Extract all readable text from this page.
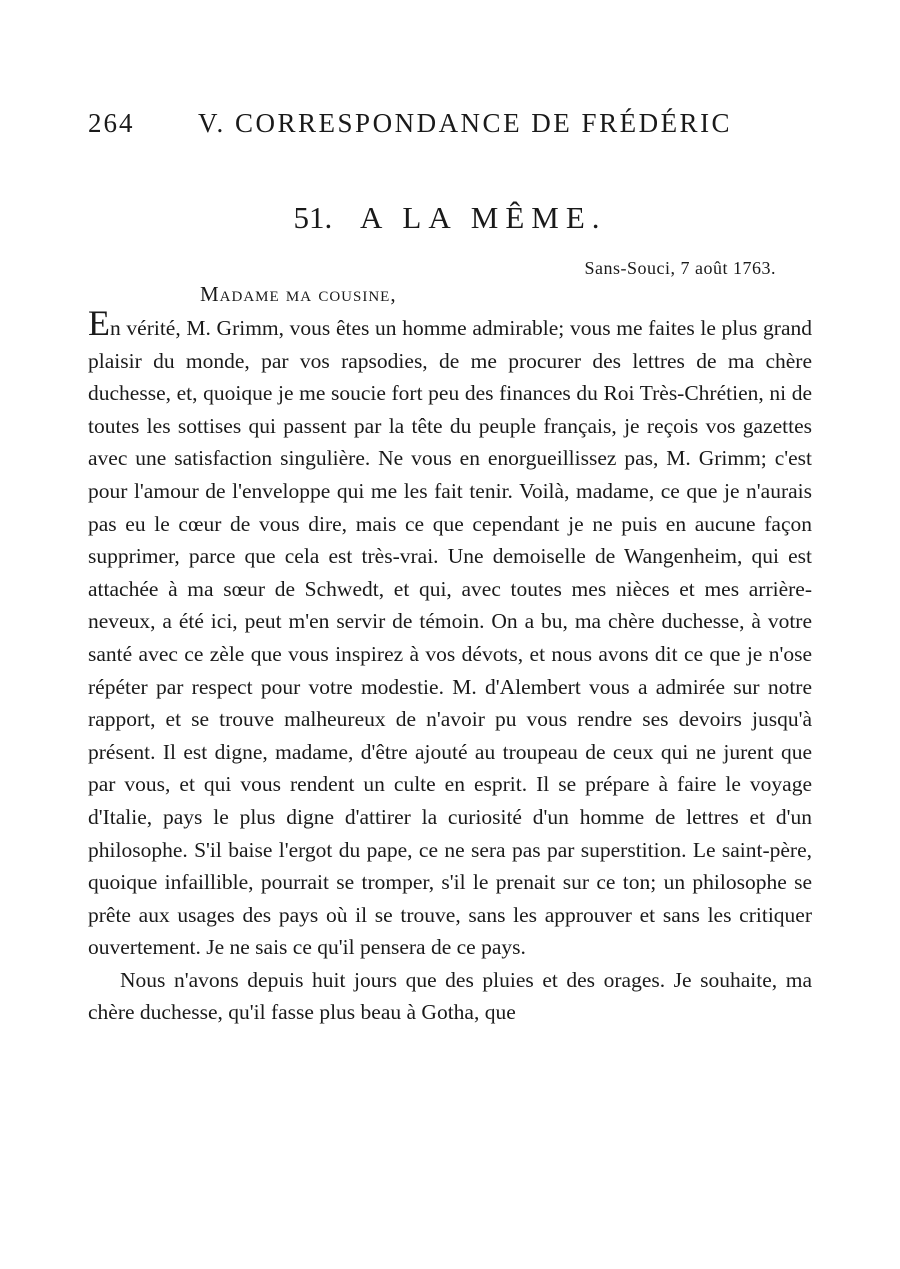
264 V. CORRESPONDANCE DE FRÉDÉRIC
51. A LA MÊME.
Sans-Souci, 7 août 1763.
Madame ma cousine,

En vérité, M. Grimm, vous êtes un homme admirable; vous me faites le plus grand plaisir du monde, par vos rapsodies, de me procurer des lettres de ma chère duchesse, et, quoique je me soucie fort peu des finances du Roi Très-Chrétien, ni de toutes les sottises qui passent par la tête du peuple français, je reçois vos gazettes avec une satisfaction singulière. Ne vous en enorgueillissez pas, M. Grimm; c'est pour l'amour de l'enveloppe qui me les fait tenir. Voilà, madame, ce que je n'aurais pas eu le cœur de vous dire, mais ce que cependant je ne puis en aucune façon supprimer, parce que cela est très-vrai. Une demoiselle de Wangenheim, qui est attachée à ma sœur de Schwedt, et qui, avec toutes mes nièces et mes arrière-neveux, a été ici, peut m'en servir de témoin. On a bu, ma chère duchesse, à votre santé avec ce zèle que vous inspirez à vos dévots, et nous avons dit ce que je n'ose répéter par respect pour votre modestie. M. d'Alembert vous a admirée sur notre rapport, et se trouve malheureux de n'avoir pu vous rendre ses devoirs jusqu'à présent. Il est digne, madame, d'être ajouté au troupeau de ceux qui ne jurent que par vous, et qui vous rendent un culte en esprit. Il se prépare à faire le voyage d'Italie, pays le plus digne d'attirer la curiosité d'un homme de lettres et d'un philosophe. S'il baise l'ergot du pape, ce ne sera pas par superstition. Le saint-père, quoique infaillible, pourrait se tromper, s'il le prenait sur ce ton; un philosophe se prête aux usages des pays où il se trouve, sans les approuver et sans les critiquer ouvertement. Je ne sais ce qu'il pensera de ce pays.

Nous n'avons depuis huit jours que des pluies et des orages. Je souhaite, ma chère duchesse, qu'il fasse plus beau à Gotha, que
